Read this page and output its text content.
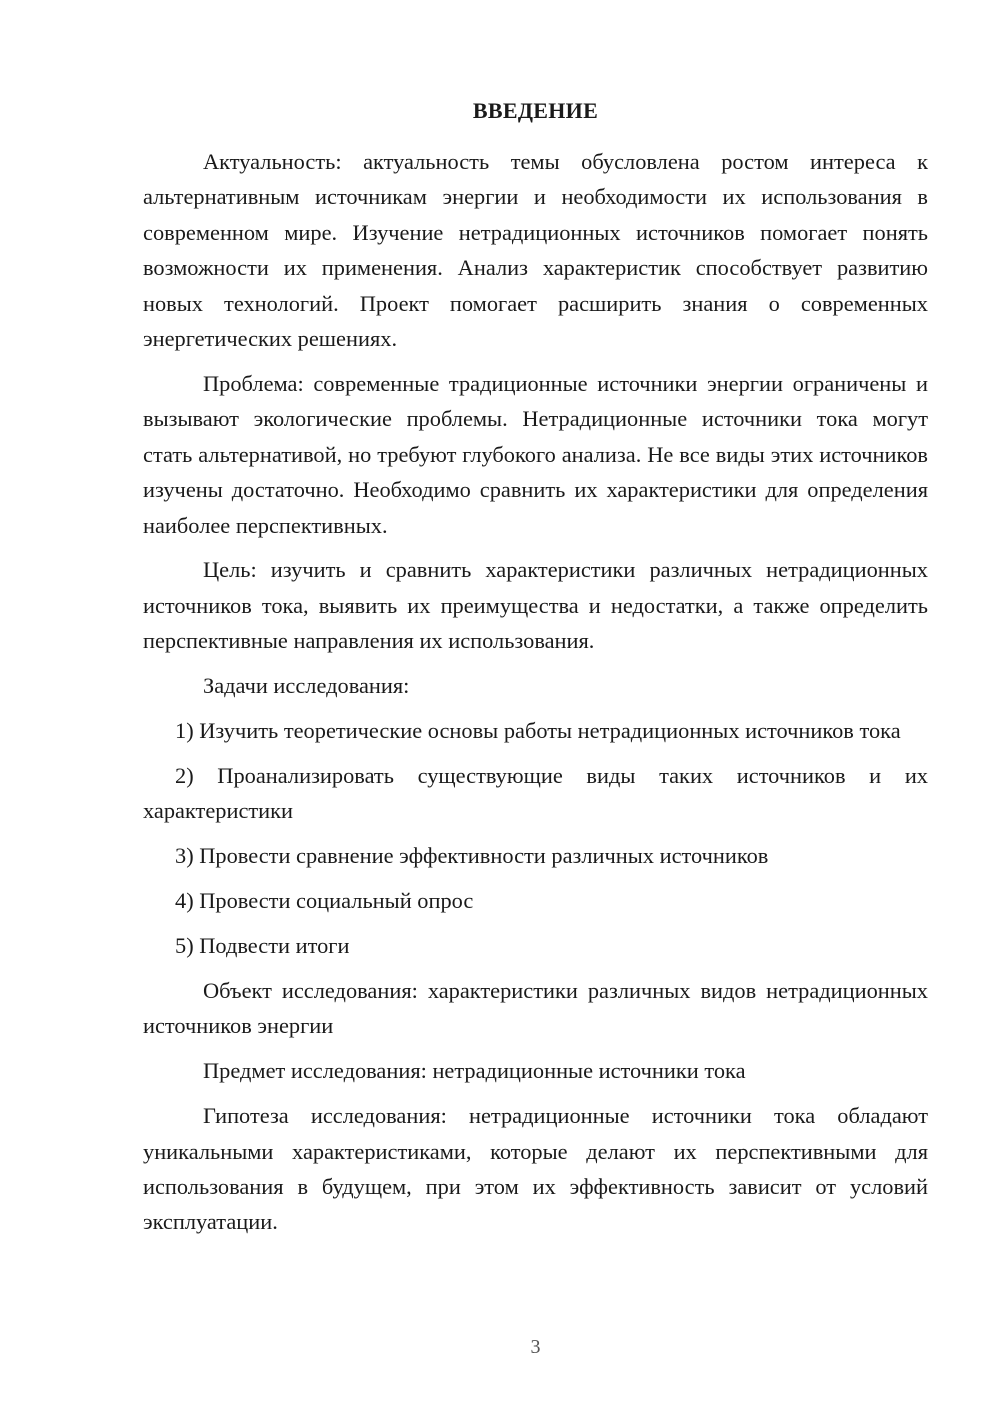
ВВЕДЕНИЕ

Актуальность: актуальность темы обусловлена ростом интереса к альтернативным источникам энергии и необходимости их использования в современном мире. Изучение нетрадиционных источников помогает понять возможности их применения. Анализ характеристик способствует развитию новых технологий. Проект помогает расширить знания о современных энергетических решениях.

Проблема: современные традиционные источники энергии ограничены и вызывают экологические проблемы. Нетрадиционные источники тока могут стать альтернативой, но требуют глубокого анализа. Не все виды этих источников изучены достаточно. Необходимо сравнить их характеристики для определения наиболее перспективных.

Цель: изучить и сравнить характеристики различных нетрадиционных источников тока, выявить их преимущества и недостатки, а также определить перспективные направления их использования.

Задачи исследования:

1) Изучить теоретические основы работы нетрадиционных источников тока

2) Проанализировать существующие виды таких источников и их характеристики

3) Провести сравнение эффективности различных источников

4) Провести социальный опрос

5) Подвести итоги

Объект исследования: характеристики различных видов нетрадиционных источников энергии

Предмет исследования: нетрадиционные источники тока

Гипотеза исследования: нетрадиционные источники тока обладают уникальными характеристиками, которые делают их перспективными для использования в будущем, при этом их эффективность зависит от условий эксплуатации.

3
